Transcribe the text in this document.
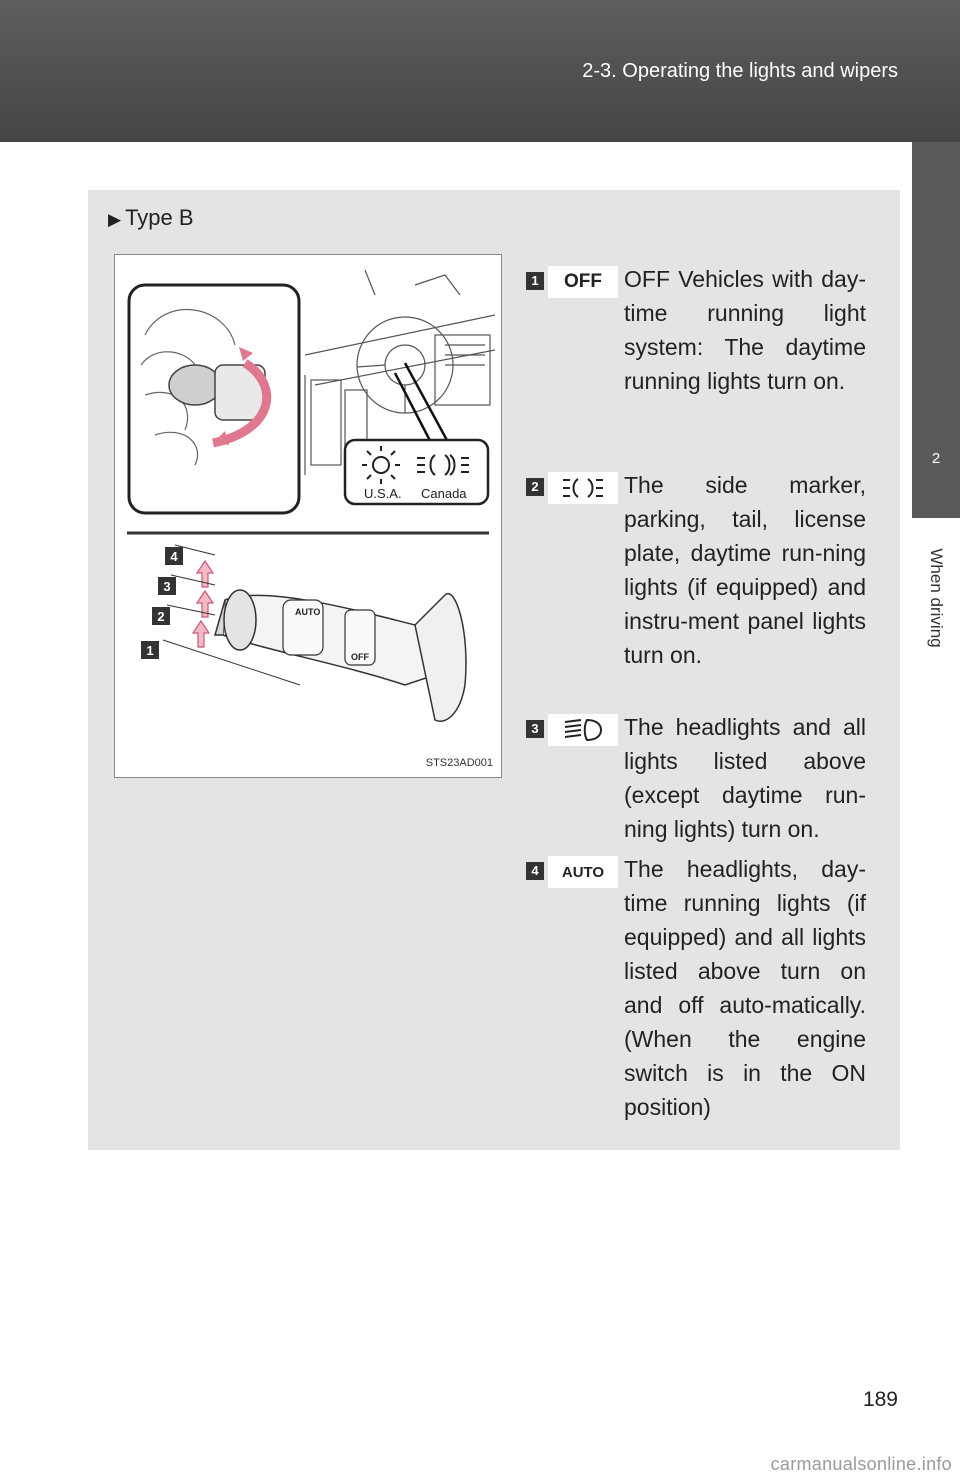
2-3. Operating the lights and wipers
2
When driving
▶ Type B
U.S.A. Canada
AUTO
OFF
4
3
2
1
STS23AD001
1	OFF OFF Vehicles with day-time running light system: The daytime running lights turn on.
2	The side marker, parking, tail, license plate, daytime run-ning lights (if equipped) and instru-ment panel lights turn on.
3	The headlights and all lights listed above (except daytime run-ning lights) turn on.
4	AUTO The headlights, day-time running lights (if equipped) and all lights listed above turn on and off auto-matically. (When the engine switch is in the ON position)
189
carmanualsonline.info
